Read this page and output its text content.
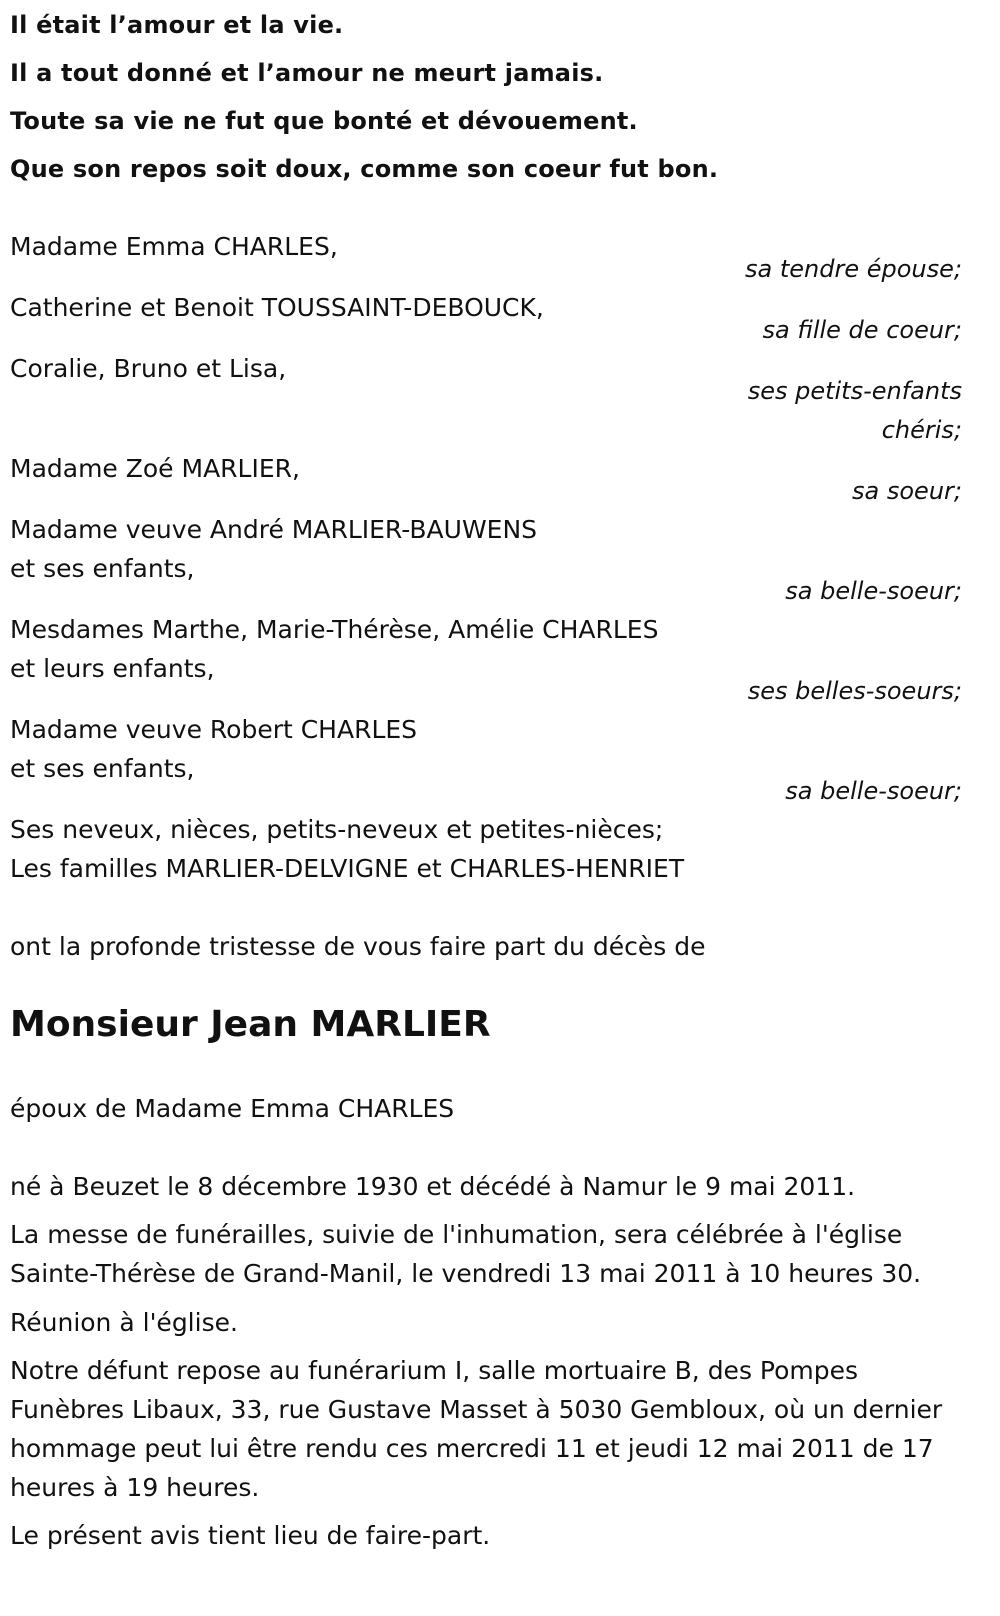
Il était l’amour et la vie.
Il a tout donné et l’amour ne meurt jamais.
Toute sa vie ne fut que bonté et dévouement.
Que son repos soit doux, comme son coeur fut bon.
Madame Emma CHARLES,
sa tendre épouse;
Catherine et Benoit TOUSSAINT-DEBOUCK,
sa fille de coeur;
Coralie, Bruno et Lisa,
ses petits-enfants
chéris;
Madame Zoé MARLIER,
sa soeur;
Madame veuve André MARLIER-BAUWENS
et ses enfants,
sa belle-soeur;
Mesdames Marthe, Marie-Thérèse, Amélie CHARLES
et leurs enfants,
ses belles-soeurs;
Madame veuve Robert CHARLES
et ses enfants,
sa belle-soeur;
Ses neveux, nièces, petits-neveux et petites-nièces;
Les familles MARLIER-DELVIGNE et CHARLES-HENRIET
ont la profonde tristesse de vous faire part du décès de
Monsieur Jean MARLIER
époux de Madame Emma CHARLES
né à Beuzet le 8 décembre 1930 et décédé à Namur le 9 mai 2011.
La messe de funérailles, suivie de l'inhumation, sera célébrée à l'église
Sainte-Thérèse de Grand-Manil, le vendredi 13 mai 2011 à 10 heures 30.
Réunion à l'église.
Notre défunt repose au funérarium I, salle mortuaire B, des Pompes
Funèbres Libaux, 33, rue Gustave Masset à 5030 Gembloux, où un dernier
hommage peut lui être rendu ces mercredi 11 et jeudi 12 mai 2011 de 17
heures à 19 heures.
Le présent avis tient lieu de faire-part.
